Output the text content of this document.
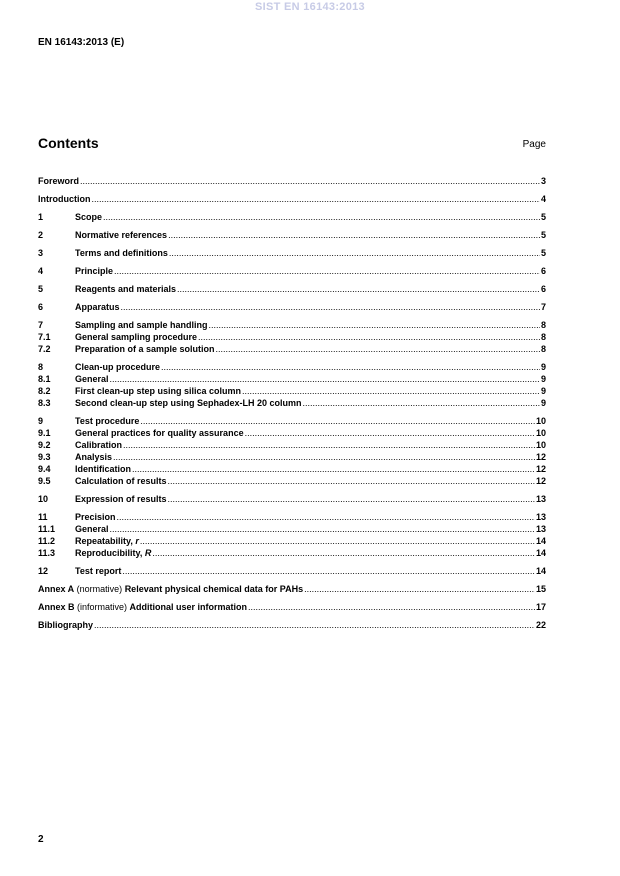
SIST EN 16143:2013
EN 16143:2013 (E)
Contents	Page
Foreword .....	3
Introduction .....	4
1	Scope .....	5
2	Normative references .....	5
3	Terms and definitions .....	5
4	Principle .....	6
5	Reagents and materials .....	6
6	Apparatus .....	7
7	Sampling and sample handling .....	8
7.1	General sampling procedure .....	8
7.2	Preparation of a sample solution .....	8
8	Clean-up procedure .....	9
8.1	General .....	9
8.2	First clean-up step using silica column .....	9
8.3	Second clean-up step using Sephadex-LH 20 column .....	9
9	Test procedure .....	10
9.1	General practices for quality assurance .....	10
9.2	Calibration .....	10
9.3	Analysis .....	12
9.4	Identification .....	12
9.5	Calculation of results .....	12
10	Expression of results .....	13
11	Precision .....	13
11.1	General .....	13
11.2	Repeatability, r .....	14
11.3	Reproducibility, R .....	14
12	Test report .....	14
Annex A (normative) Relevant physical chemical data for PAHs .....	15
Annex B (informative) Additional user information .....	17
Bibliography .....	22
2
